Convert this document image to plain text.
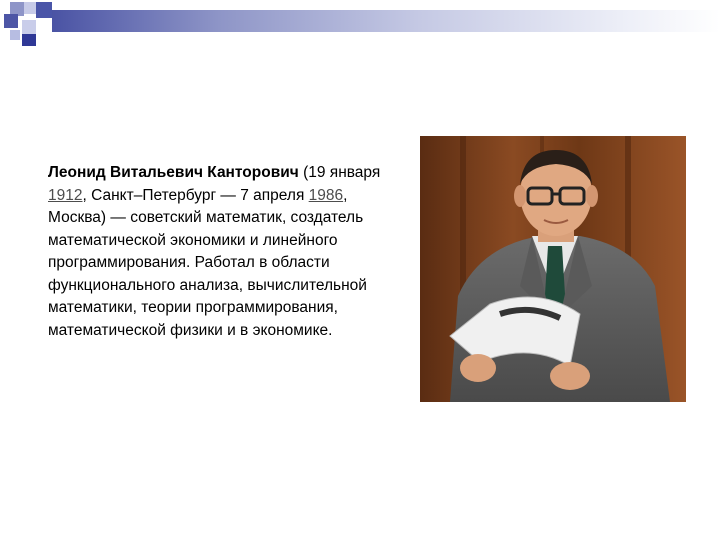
Леонид Витальевич Канторович (19 января 1912, Санкт–Петербург — 7 апреля 1986, Москва) — советский математик, создатель математической экономики и линейного программирования. Работал в области функционального анализа, вычислительной математики, теории программирования, математической физики и в экономике.
